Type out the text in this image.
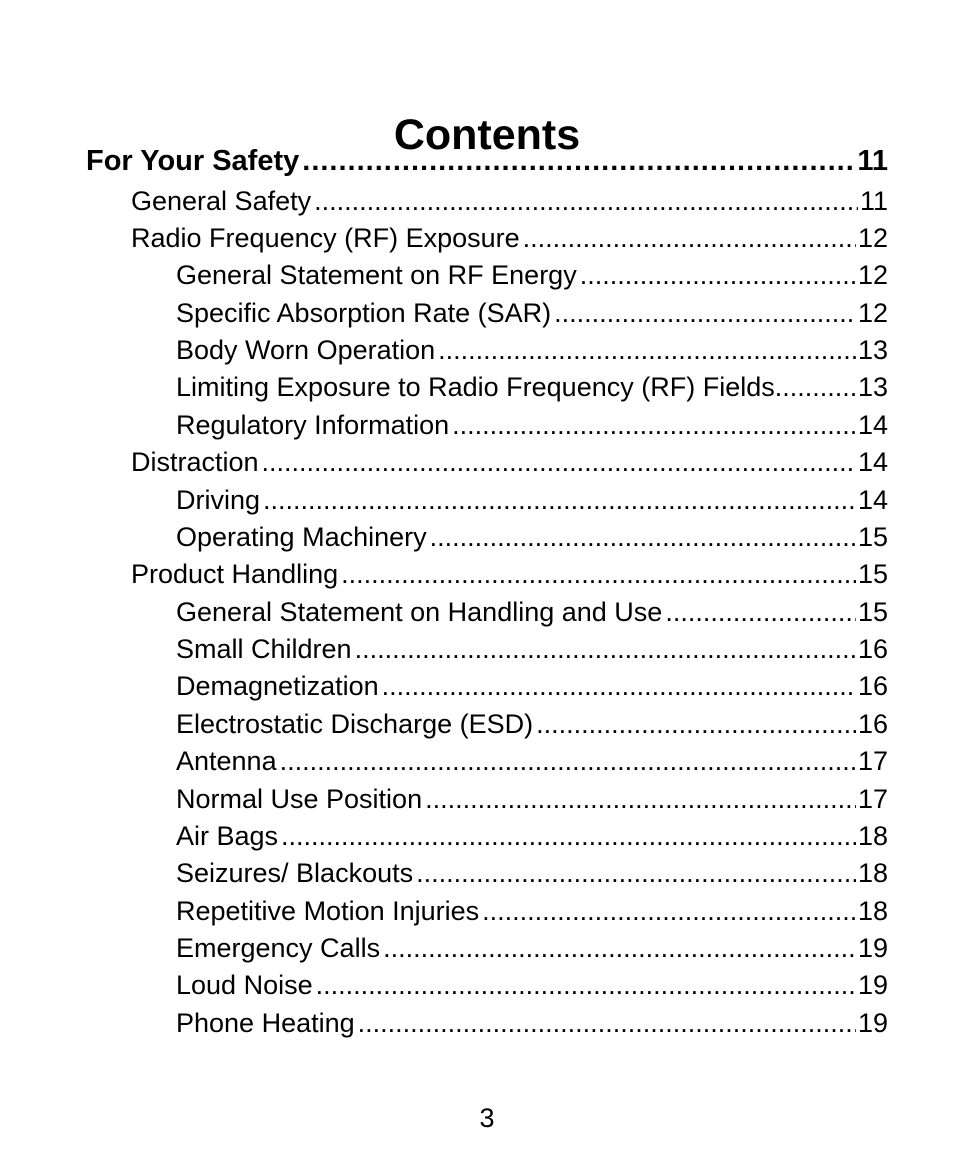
Contents
For Your Safety .....	11
General Safety .....	11
Radio Frequency (RF) Exposure .....	12
General Statement on RF Energy .....	12
Specific Absorption Rate (SAR) .....	12
Body Worn Operation .....	13
Limiting Exposure to Radio Frequency (RF) Fields .....	13
Regulatory Information .....	14
Distraction .....	14
Driving .....	14
Operating Machinery .....	15
Product Handling .....	15
General Statement on Handling and Use .....	15
Small Children .....	16
Demagnetization .....	16
Electrostatic Discharge (ESD) .....	16
Antenna .....	17
Normal Use Position .....	17
Air Bags .....	18
Seizures/ Blackouts .....	18
Repetitive Motion Injuries .....	18
Emergency Calls .....	19
Loud Noise .....	19
Phone Heating .....	19
3
